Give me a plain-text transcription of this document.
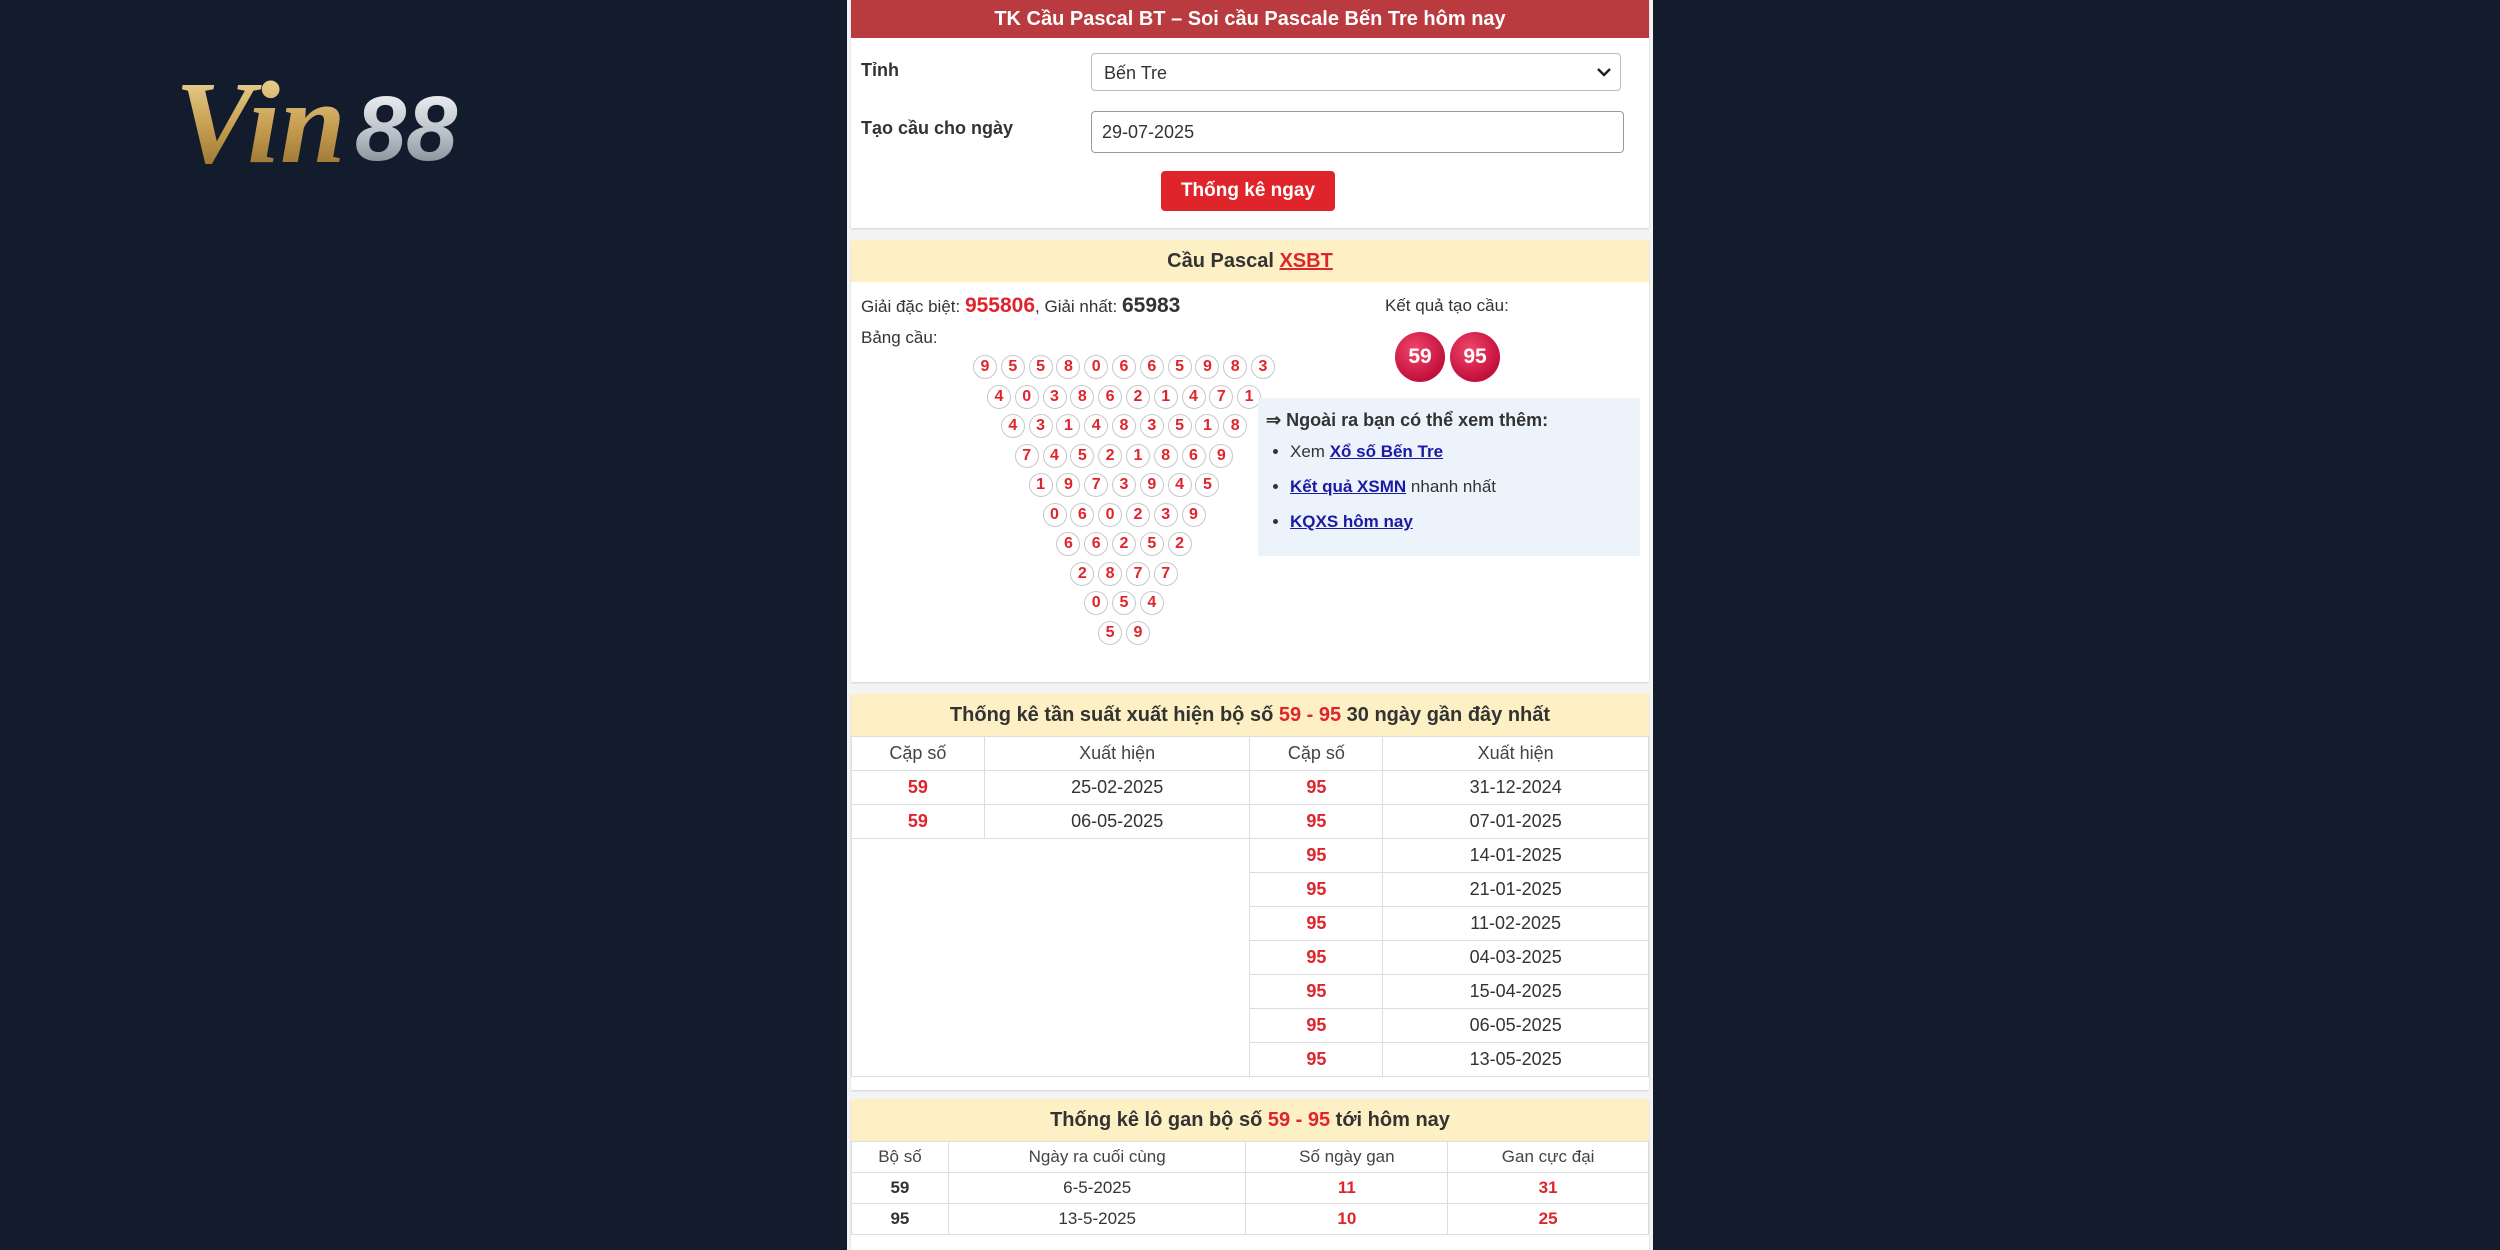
Vin 88
TK Cầu Pascal BT – Soi cầu Pascale Bến Tre hôm nay
Tỉnh	Bến Tre
Tạo cầu cho ngày	29-07-2025
Thống kê ngay
Cầu Pascal XSBT
Giải đặc biệt: 955806, Giải nhất: 65983
Bảng cầu:
9	5	5	8	0	6	6	5	9	8	3
4	0	3	8	6	2	1	4	7	1
4	3	1	4	8	3	5	1	8
7	4	5	2	1	8	6	9
1	9	7	3	9	4	5
0	6	0	2	3	9
6	6	2	5	2
2	8	7	7
0	5	4
5	9
Kết quả tạo cầu:
59	95
⇒ Ngoài ra bạn có thể xem thêm:
• Xem Xổ số Bến Tre
• Kết quả XSMN nhanh nhất
• KQXS hôm nay
Thống kê tần suất xuất hiện bộ số 59 - 95 30 ngày gần đây nhất
Cặp số	Xuất hiện	Cặp số	Xuất hiện
59	25-02-2025	95	31-12-2024
59	06-05-2025	95	07-01-2025
		95	14-01-2025
		95	21-01-2025
		95	11-02-2025
		95	04-03-2025
		95	15-04-2025
		95	06-05-2025
		95	13-05-2025
Thống kê lô gan bộ số 59 - 95 tới hôm nay
Bộ số	Ngày ra cuối cùng	Số ngày gan	Gan cực đại
59	6-5-2025	11	31
95	13-5-2025	10	25
